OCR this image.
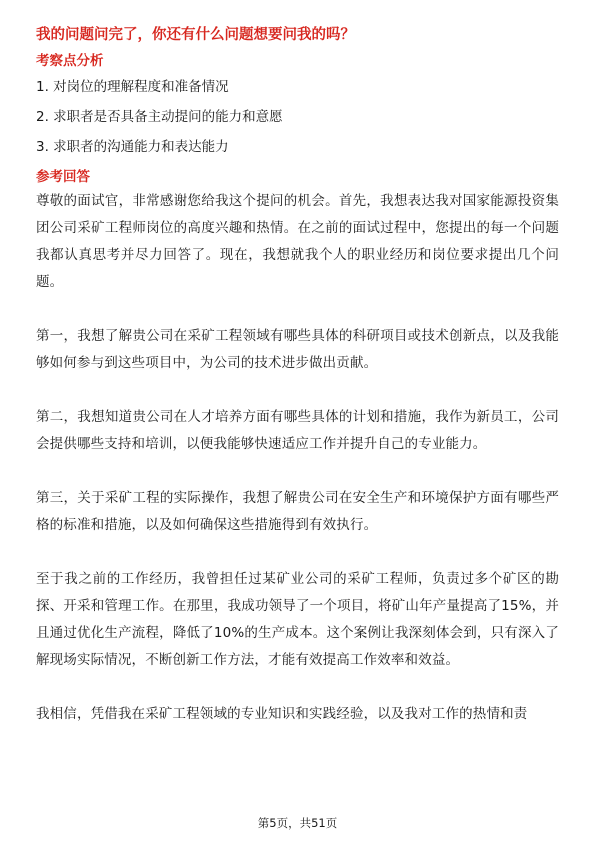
我的问题问完了，你还有什么问题想要问我的吗？

考察点分析

1. 对岗位的理解程度和准备情况
2. 求职者是否具备主动提问的能力和意愿
3. 求职者的沟通能力和表达能力

参考回答

尊敬的面试官，非常感谢您给我这个提问的机会。首先，我想表达我对国家能源投资集团公司采矿工程师岗位的高度兴趣和热情。在之前的面试过程中，您提出的每一个问题我都认真思考并尽力回答了。现在，我想就我个人的职业经历和岗位要求提出几个问题。

第一，我想了解贵公司在采矿工程领域有哪些具体的科研项目或技术创新点，以及我能够如何参与到这些项目中，为公司的技术进步做出贡献。

第二，我想知道贵公司在人才培养方面有哪些具体的计划和措施，我作为新员工，公司会提供哪些支持和培训，以便我能够快速适应工作并提升自己的专业能力。

第三，关于采矿工程的实际操作，我想了解贵公司在安全生产和环境保护方面有哪些严格的标准和措施，以及如何确保这些措施得到有效执行。

至于我之前的工作经历，我曾担任过某矿业公司的采矿工程师，负责过多个矿区的勘探、开采和管理工作。在那里，我成功领导了一个项目，将矿山年产量提高了15%，并且通过优化生产流程，降低了10%的生产成本。这个案例让我深刻体会到，只有深入了解现场实际情况，不断创新工作方法，才能有效提高工作效率和效益。

我相信，凭借我在采矿工程领域的专业知识和实践经验，以及我对工作的热情和责

第5页，共51页
